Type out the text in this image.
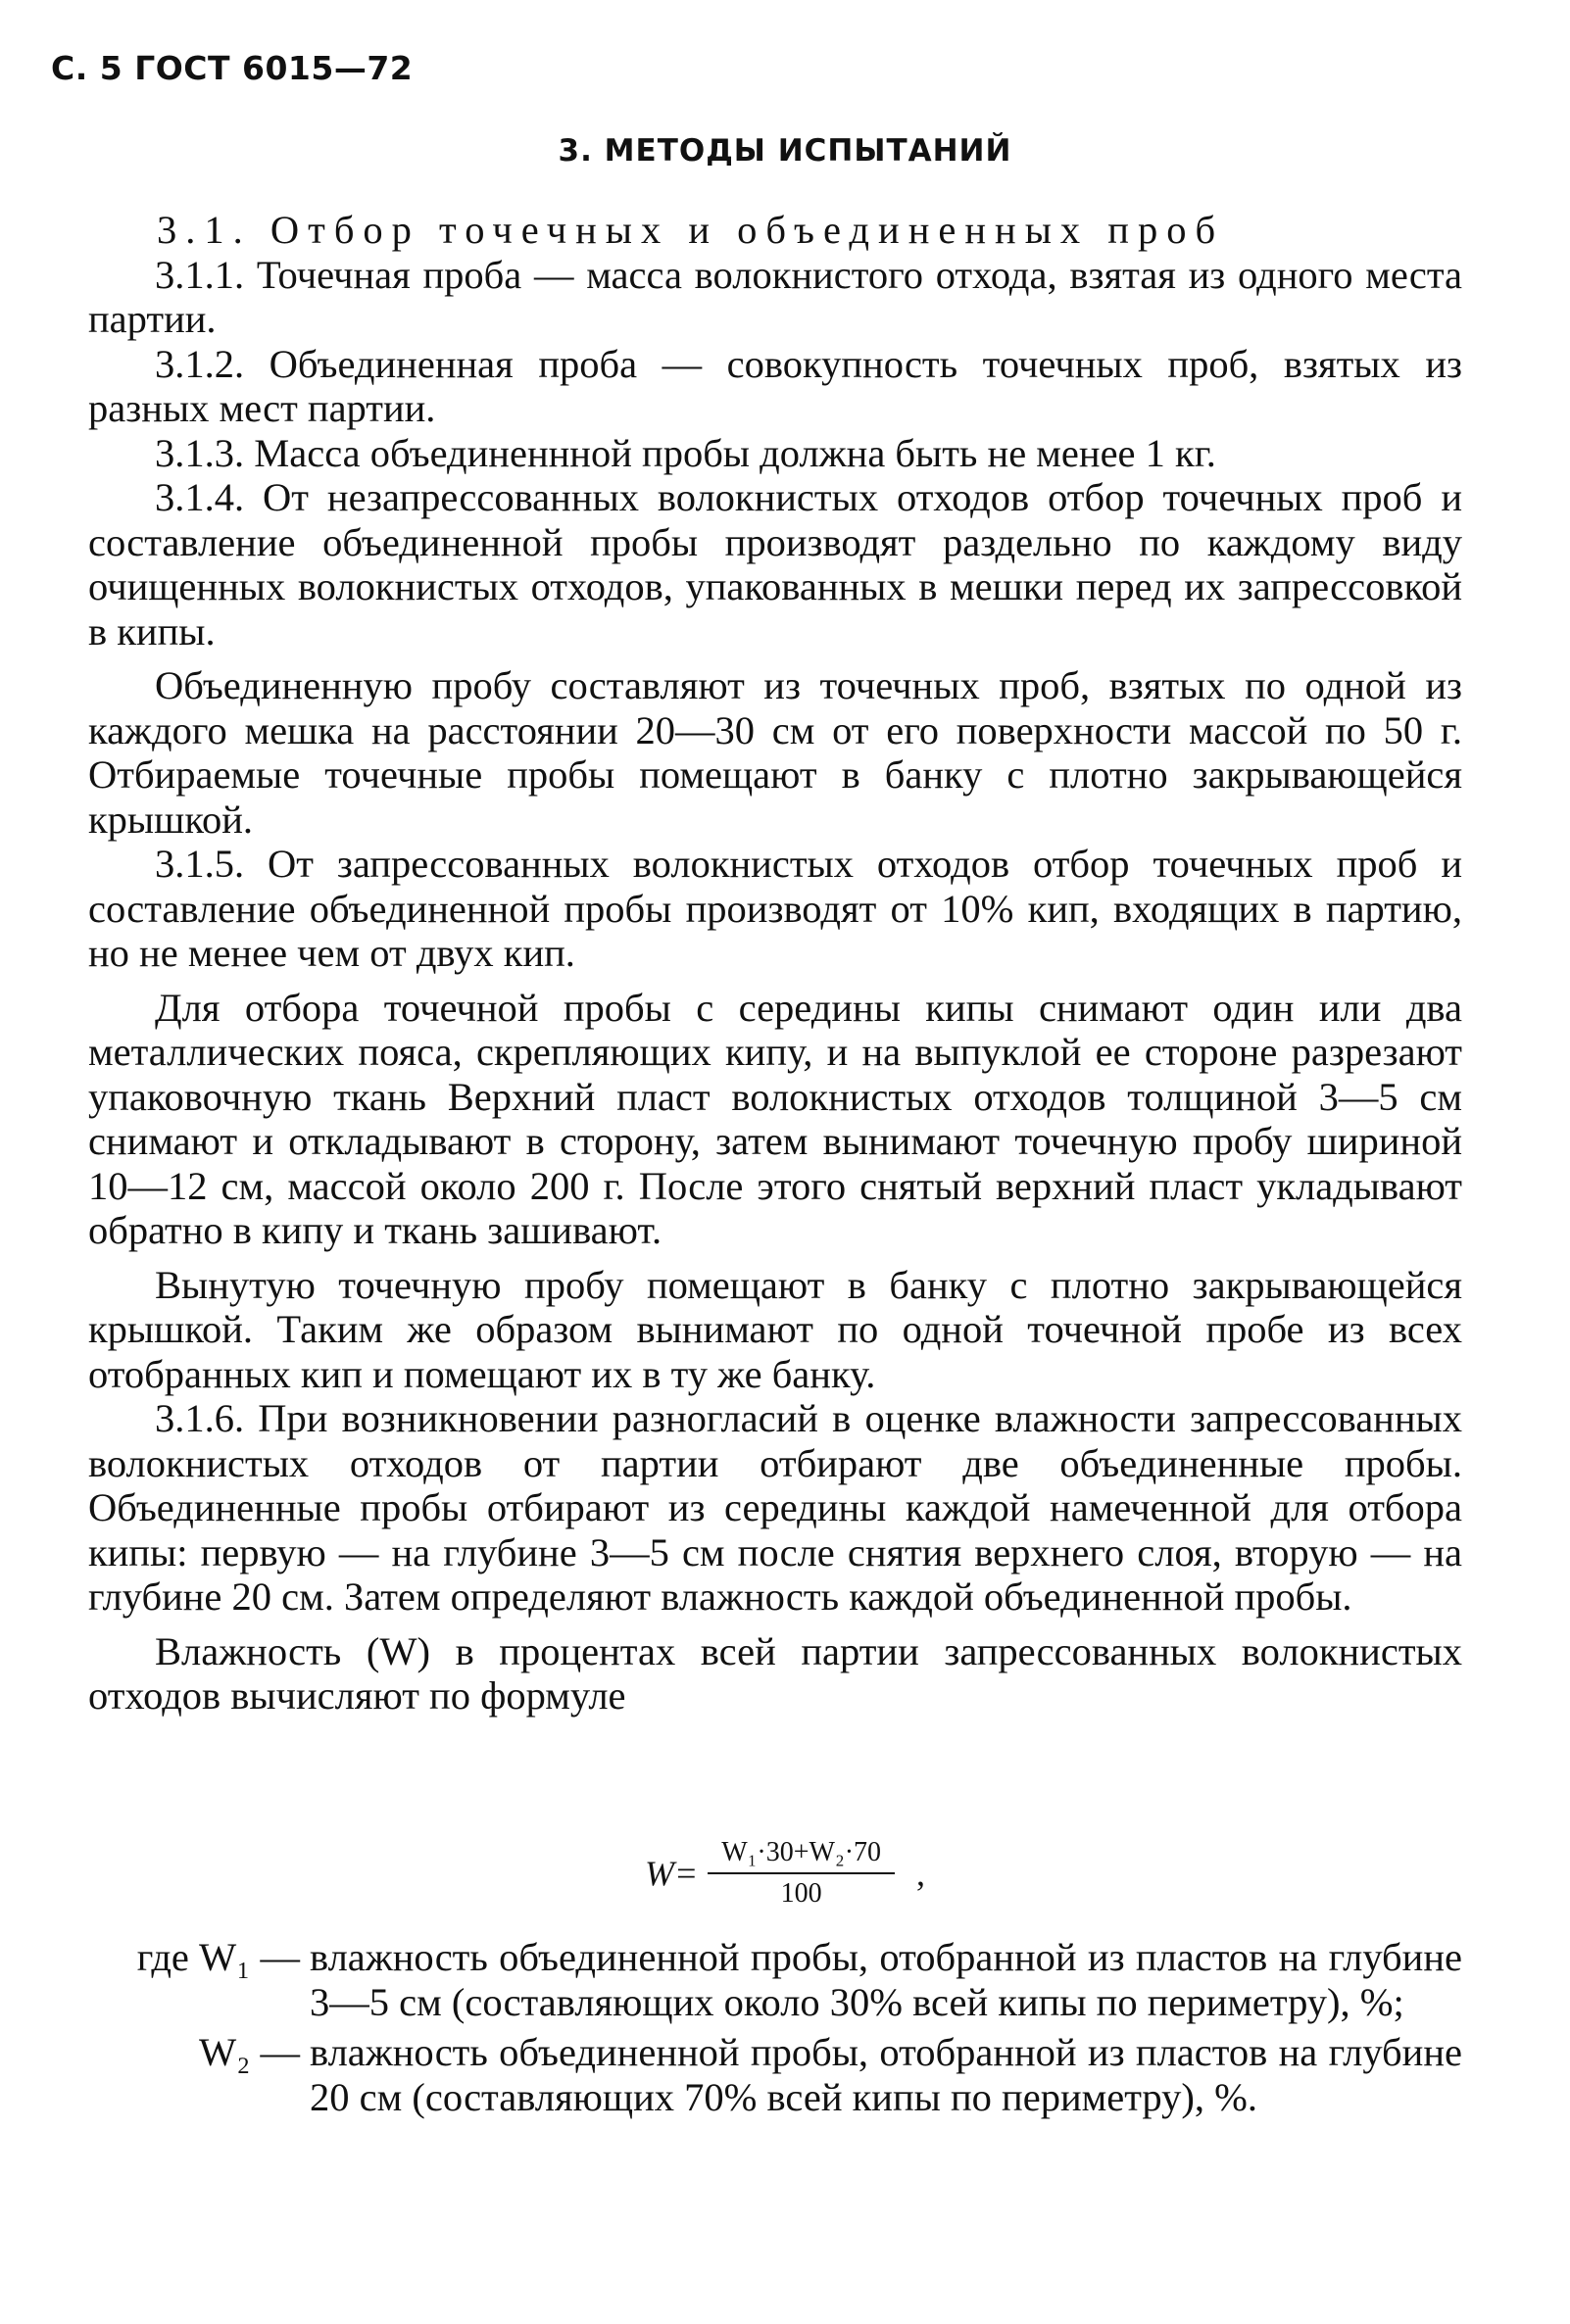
С. 5 ГОСТ 6015—72
3. МЕТОДЫ ИСПЫТАНИЙ

3.1. Отбор точечных и объединенных проб

3.1.1. Точечная проба — масса волокнистого отхода, взятая из одного места партии.

3.1.2. Объединенная проба — совокупность точечных проб, взятых из разных мест партии.

3.1.3. Масса объединеннной пробы должна быть не менее 1 кг.

3.1.4. От незапрессованных волокнистых отходов отбор точечных проб и составление объединенной пробы производят раздельно по каждому виду очищенных волокнистых отходов, упакованных в мешки перед их запрессовкой в кипы.

Объединенную пробу составляют из точечных проб, взятых по одной из каждого мешка на расстоянии 20—30 см от его поверхности массой по 50 г. Отбираемые точечные пробы помещают в банку с плотно закрывающейся крышкой.

3.1.5. От запрессованных волокнистых отходов отбор точечных проб и составление объединенной пробы производят от 10% кип, входящих в партию, но не менее чем от двух кип.

Для отбора точечной пробы с середины кипы снимают один или два металлических пояса, скрепляющих кипу, и на выпуклой ее стороне разрезают упаковочную ткань Верхний пласт волокнистых отходов толщиной 3—5 см снимают и откладывают в сторону, затем вынимают точечную пробу шириной 10—12 см, массой около 200 г. После этого снятый верхний пласт укладывают обратно в кипу и ткань зашивают.

Вынутую точечную пробу помещают в банку с плотно закрывающейся крышкой. Таким же образом вынимают по одной точечной пробе из всех отобранных кип и помещают их в ту же банку.

3.1.6. При возникновении разногласий в оценке влажности запрессованных волокнистых отходов от партии отбирают две объединенные пробы. Объединенные пробы отбирают из середины каждой намеченной для отбора кипы: первую — на глубине 3—5 см после снятия верхнего слоя, вторую — на глубине 20 см. Затем определяют влажность каждой объединенной пробы.

Влажность (W) в процентах всей партии запрессованных волокнистых отходов вычисляют по формуле

$W= \frac{\text{W₁·30+W₂·70}}{100}$ ,
где W₁ — влажность объединенной пробы, отобранной из пластов на глубине 3—5 см (составляющих около 30% всей кипы по периметру), %;
W₂ — влажность объединенной пробы, отобранной из пластов на глубине 20 см (составляющих 70% всей кипы по периметру), %.
